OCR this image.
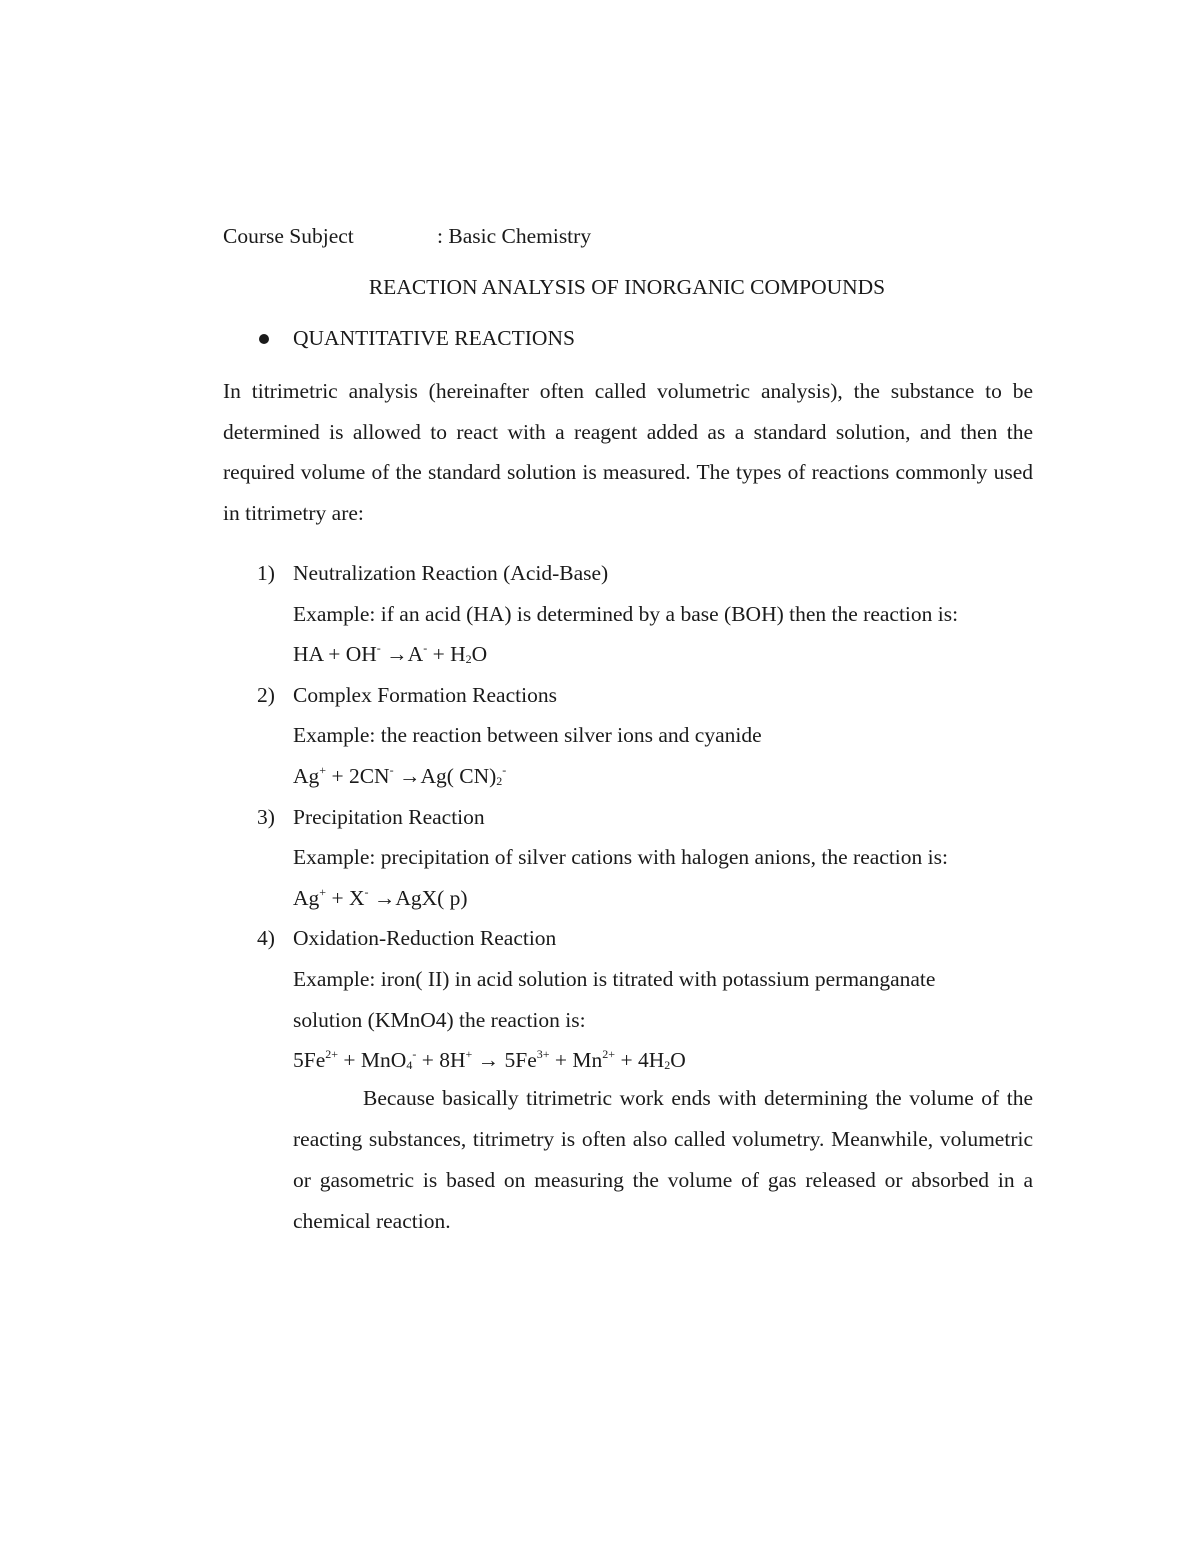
Course Subject	: Basic Chemistry
REACTION ANALYSIS OF INORGANIC COMPOUNDS
QUANTITATIVE REACTIONS
In titrimetric analysis (hereinafter often called volumetric analysis), the substance to be determined is allowed to react with a reagent added as a standard solution, and then the required volume of the standard solution is measured. The types of reactions commonly used in titrimetry are:
1) Neutralization Reaction (Acid-Base)
Example: if an acid (HA) is determined by a base (BOH) then the reaction is:
HA + $OH^- \to A^- + H_2O$
2) Complex Formation Reactions
Example: the reaction between silver ions and cyanide
Ag+ + 2CN- →Ag( $CN)_2^-$
3) Precipitation Reaction
Example: precipitation of silver cations with halogen anions, the reaction is:
Ag+ + X- →AgX( p)
4) Oxidation-Reduction Reaction
Example: iron( II) in acid solution is titrated with potassium permanganate
solution (KMnO4) the reaction is:
$5Fe^{2+} + MnO_4^- + 8H^+ \to 5Fe^{3+} + Mn^{2+} + 4H_2O$
Because basically titrimetric work ends with determining the volume of the reacting substances, titrimetry is often also called volumetry. Meanwhile, volumetric or gasometric is based on measuring the volume of gas released or absorbed in a chemical reaction.
